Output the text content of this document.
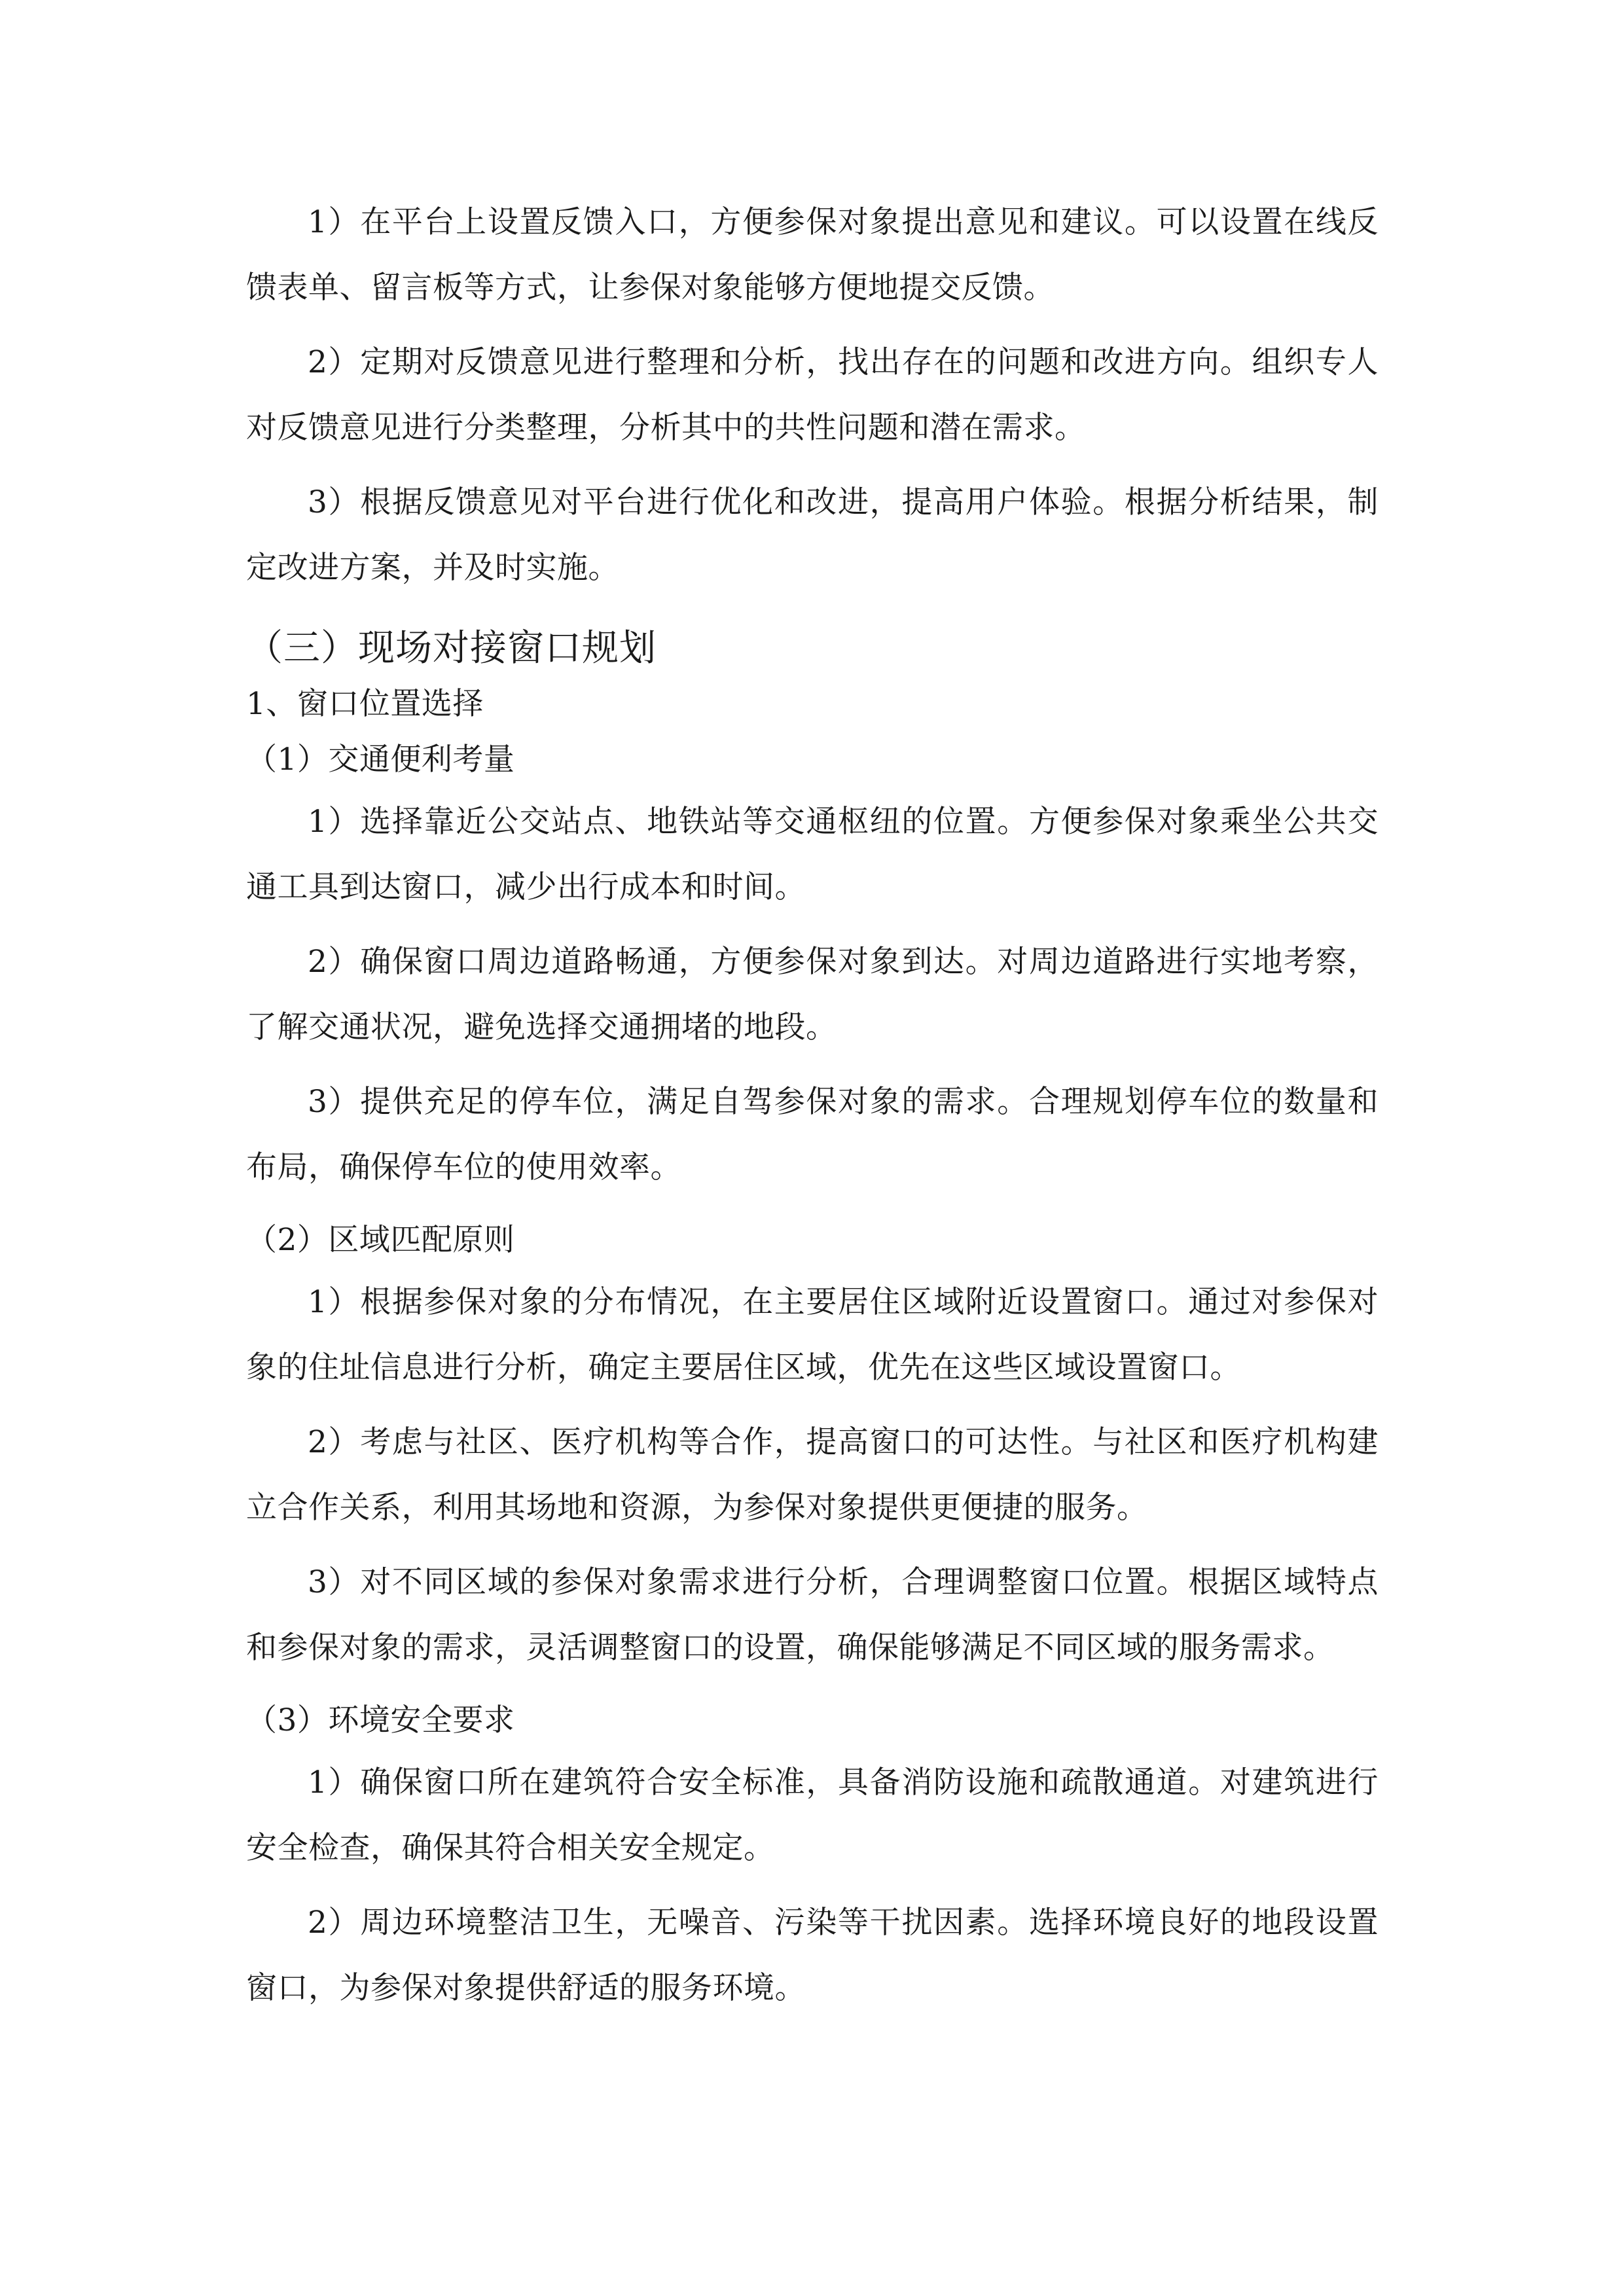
1）在平台上设置反馈入口，方便参保对象提出意见和建议。可以设置在线反馈表单、留言板等方式，让参保对象能够方便地提交反馈。

2）定期对反馈意见进行整理和分析，找出存在的问题和改进方向。组织专人对反馈意见进行分类整理，分析其中的共性问题和潜在需求。

3）根据反馈意见对平台进行优化和改进，提高用户体验。根据分析结果，制定改进方案，并及时实施。

（三）现场对接窗口规划

1、窗口位置选择

（1）交通便利考量

1）选择靠近公交站点、地铁站等交通枢纽的位置。方便参保对象乘坐公共交通工具到达窗口，减少出行成本和时间。

2）确保窗口周边道路畅通，方便参保对象到达。对周边道路进行实地考察，了解交通状况，避免选择交通拥堵的地段。

3）提供充足的停车位，满足自驾参保对象的需求。合理规划停车位的数量和布局，确保停车位的使用效率。

（2）区域匹配原则

1）根据参保对象的分布情况，在主要居住区域附近设置窗口。通过对参保对象的住址信息进行分析，确定主要居住区域，优先在这些区域设置窗口。

2）考虑与社区、医疗机构等合作，提高窗口的可达性。与社区和医疗机构建立合作关系，利用其场地和资源，为参保对象提供更便捷的服务。

3）对不同区域的参保对象需求进行分析，合理调整窗口位置。根据区域特点和参保对象的需求，灵活调整窗口的设置，确保能够满足不同区域的服务需求。

（3）环境安全要求

1）确保窗口所在建筑符合安全标准，具备消防设施和疏散通道。对建筑进行安全检查，确保其符合相关安全规定。

2）周边环境整洁卫生，无噪音、污染等干扰因素。选择环境良好的地段设置窗口，为参保对象提供舒适的服务环境。
